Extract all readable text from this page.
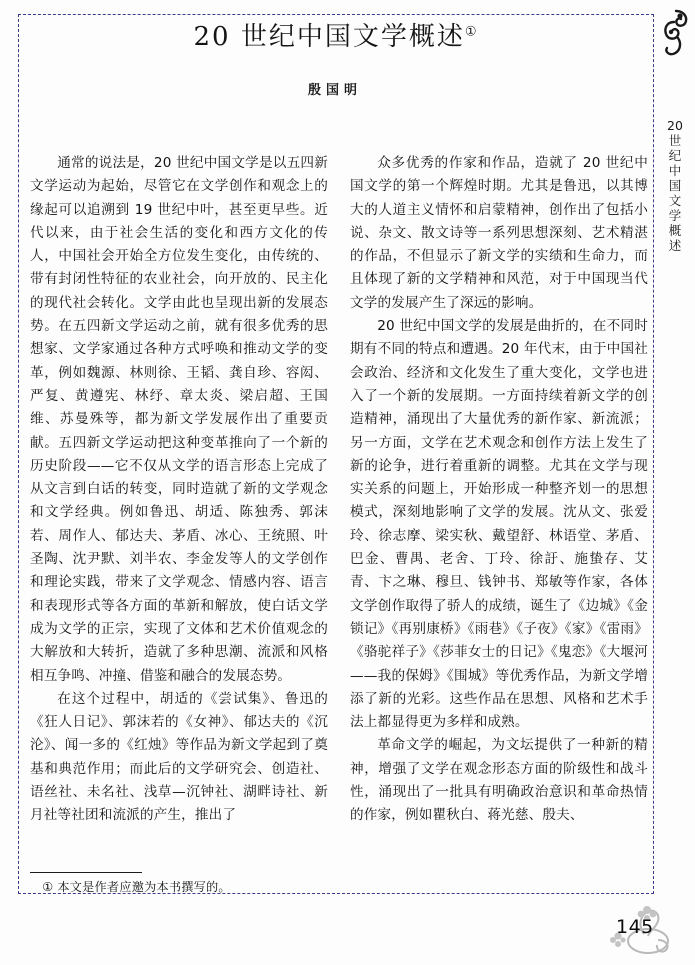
20 世纪中国文学概述①
殷国明

通常的说法是，20 世纪中国文学是以五四新文学运动为起始，尽管它在文学创作和观念上的缘起可以追溯到 19 世纪中叶，甚至更早些。近代以来，由于社会生活的变化和西方文化的传人，中国社会开始全方位发生变化，由传统的、带有封闭性特征的农业社会，向开放的、民主化的现代社会转化。文学由此也呈现出新的发展态势。在五四新文学运动之前，就有很多优秀的思想家、文学家通过各种方式呼唤和推动文学的变革，例如魏源、林则徐、王韬、龚自珍、容闳、严复、黄遵宪、林纾、章太炎、梁启超、王国维、苏曼殊等，都为新文学发展作出了重要贡献。五四新文学运动把这种变革推向了一个新的历史阶段——它不仅从文学的语言形态上完成了从文言到白话的转变，同时造就了新的文学观念和文学经典。例如鲁迅、胡适、陈独秀、郭沫若、周作人、郁达夫、茅盾、冰心、王统照、叶圣陶、沈尹默、刘半农、李金发等人的文学创作和理论实践，带来了文学观念、情感内容、语言和表现形式等各方面的革新和解放，使白话文学成为文学的正宗，实现了文体和艺术价值观念的大解放和大转折，造就了多种思潮、流派和风格相互争鸣、冲撞、借鉴和融合的发展态势。

在这个过程中，胡适的《尝试集》、鲁迅的《狂人日记》、郭沫若的《女神》、郁达夫的《沉沦》、闻一多的《红烛》等作品为新文学起到了奠基和典范作用；而此后的文学研究会、创造社、语丝社、未名社、浅草—沉钟社、湖畔诗社、新月社等社团和流派的产生，推出了

众多优秀的作家和作品，造就了 20 世纪中国文学的第一个辉煌时期。尤其是鲁迅，以其博大的人道主义情怀和启蒙精神，创作出了包括小说、杂文、散文诗等一系列思想深刻、艺术精湛的作品，不但显示了新文学的实绩和生命力，而且体现了新的文学精神和风范，对于中国现当代文学的发展产生了深远的影响。

20 世纪中国文学的发展是曲折的，在不同时期有不同的特点和遭遇。20 年代末，由于中国社会政治、经济和文化发生了重大变化，文学也进入了一个新的发展期。一方面持续着新文学的创造精神，涌现出了大量优秀的新作家、新流派；另一方面，文学在艺术观念和创作方法上发生了新的论争，进行着重新的调整。尤其在文学与现实关系的问题上，开始形成一种整齐划一的思想模式，深刻地影响了文学的发展。沈从文、张爱玲、徐志摩、梁实秋、戴望舒、林语堂、茅盾、巴金、曹禺、老舍、丁玲、徐訏、施蛰存、艾青、卞之琳、穆旦、钱钟书、郑敏等作家，各体文学创作取得了骄人的成绩，诞生了《边城》《金锁记》《再别康桥》《雨巷》《子夜》《家》《雷雨》《骆驼祥子》《莎菲女士的日记》《鬼恋》《大堰河——我的保姆》《围城》等优秀作品，为新文学增添了新的光彩。这些作品在思想、风格和艺术手法上都显得更为多样和成熟。

革命文学的崛起，为文坛提供了一种新的精神，增强了文学在观念形态方面的阶级性和战斗性，涌现出了一批具有明确政治意识和革命热情的作家，例如瞿秋白、蒋光慈、殷夫、

① 本文是作者应邀为本书撰写的。
20
世
纪
中
国
文
学
概
述
145
